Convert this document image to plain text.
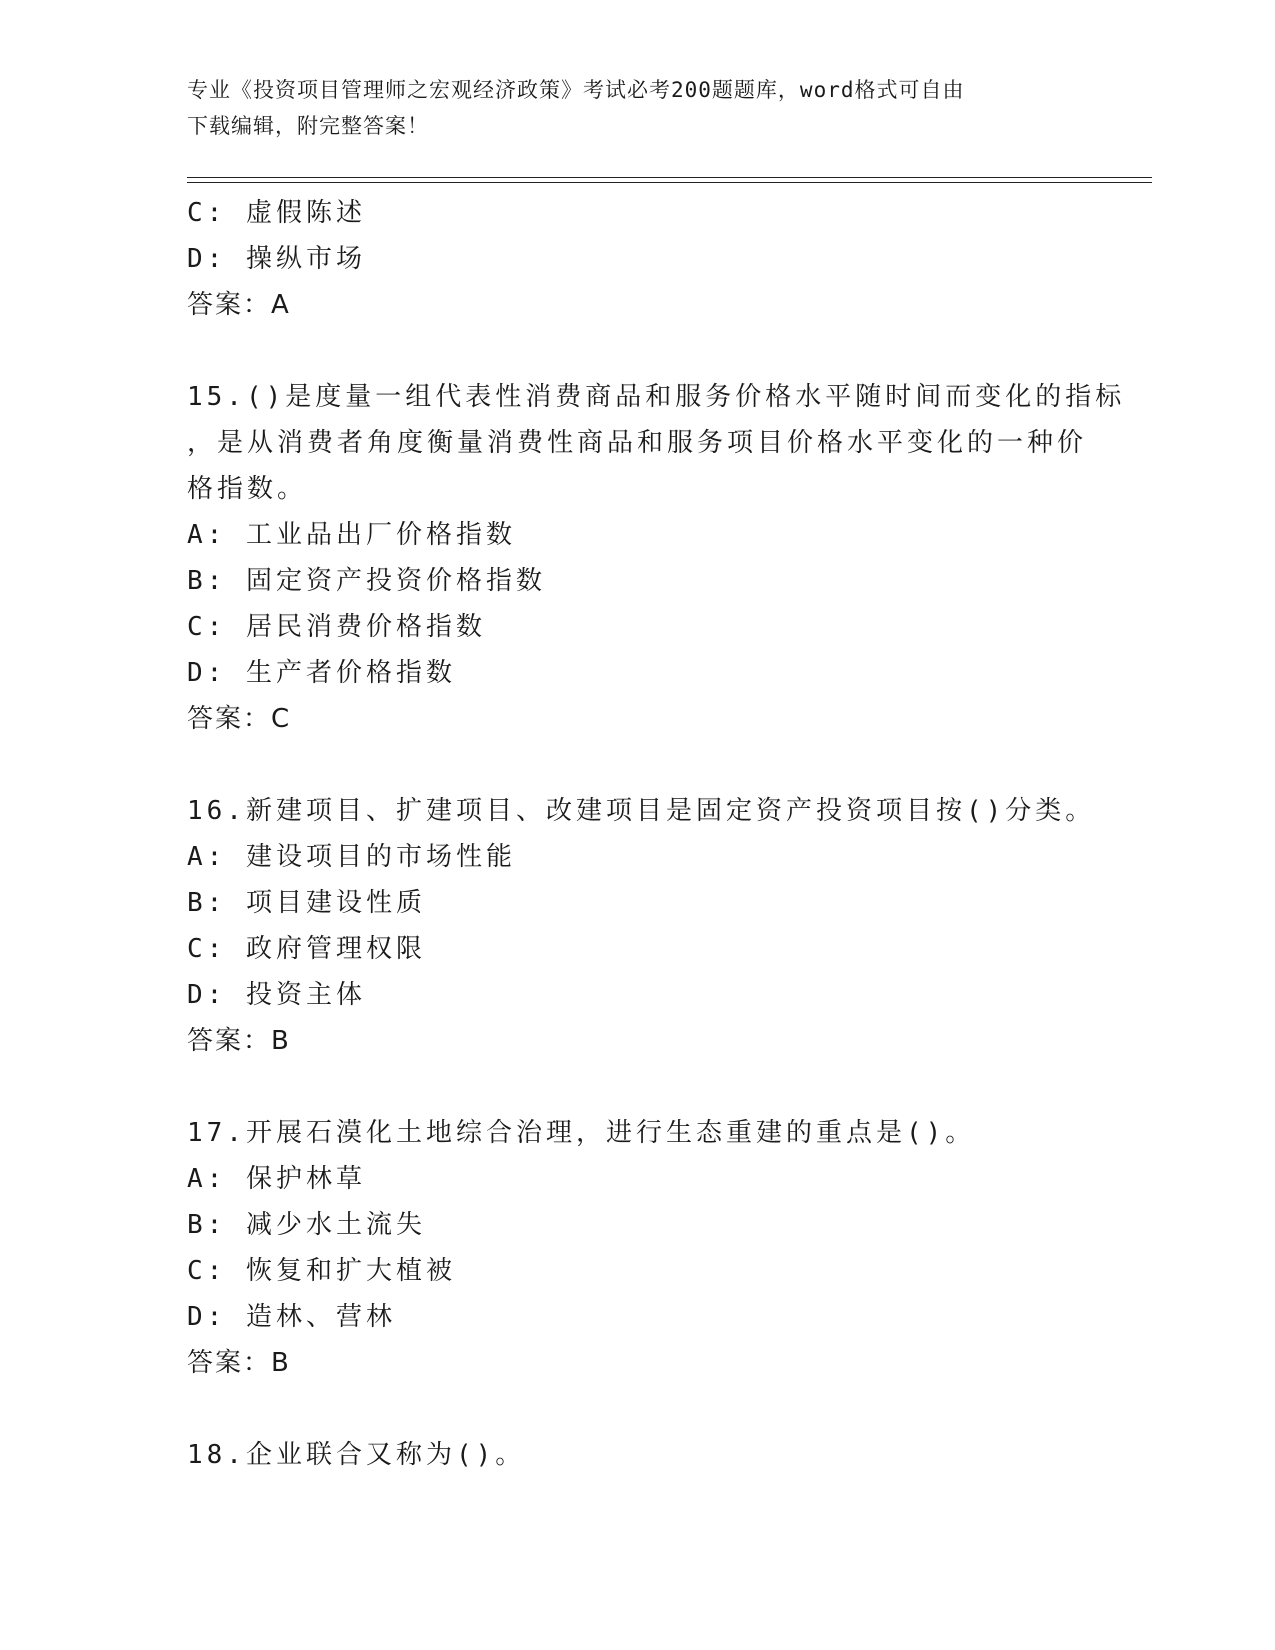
专业《投资项目管理师之宏观经济政策》考试必考200题题库，word格式可自由
下载编辑，附完整答案！
C: 虚假陈述
D: 操纵市场
答案：A
15.()是度量一组代表性消费商品和服务价格水平随时间而变化的指标
，是从消费者角度衡量消费性商品和服务项目价格水平变化的一种价
格指数。
A: 工业品出厂价格指数
B: 固定资产投资价格指数
C: 居民消费价格指数
D: 生产者价格指数
答案：C
16.新建项目、扩建项目、改建项目是固定资产投资项目按()分类。
A: 建设项目的市场性能
B: 项目建设性质
C: 政府管理权限
D: 投资主体
答案：B
17.开展石漠化土地综合治理，进行生态重建的重点是()。
A: 保护林草
B: 减少水土流失
C: 恢复和扩大植被
D: 造林、营林
答案：B
18.企业联合又称为()。
